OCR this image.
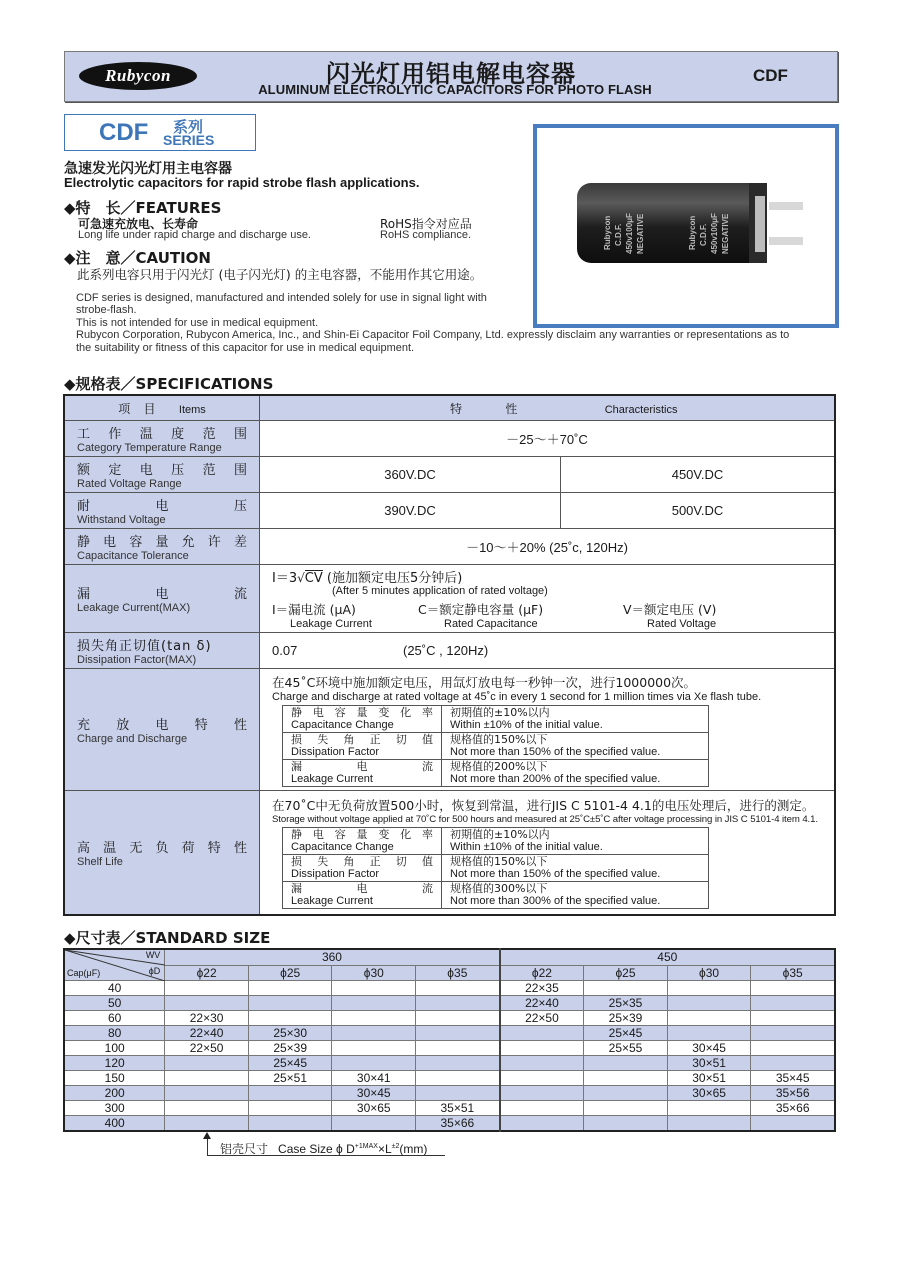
Rubycon	闪光灯用铝电解电容器
ALUMINUM ELECTROLYTIC CAPACITORS FOR PHOTO FLASH
CDF
CDF 系列
SERIES
Rubycon C.D.F. 450v100μF NEGATIVE	Rubycon C.D.F. 450v100μF NEGATIVE
急速发光闪光灯用主电容器
Electrolytic capacitors for rapid strobe flash applications.
◆特　长／FEATURES
可急速充放电、长寿命
Long life under rapid charge and discharge use.
RoHS指令对应品
RoHS compliance.
◆注　意／CAUTION
此系列电容只用于闪光灯 (电子闪光灯) 的主电容器，不能用作其它用途。
CDF series is designed, manufactured and intended solely for use in signal light with
strobe-flash.
This is not intended for use in medical equipment.
Rubycon Corporation, Rubycon America, Inc., and Shin-Ei Capacitor Foil Company, Ltd. expressly disclaim any warranties or representations as to
the suitability or fitness of this capacitor for use in medical equipment.
◆规格表／SPECIFICATIONS
项 目 Items	特	性	Characteristics

工 作 温 度 范 围
Category Temperature Range
	－25～＋70˚C

额 定 电 压 范 围
Rated Voltage Range
	360V.DC	450V.DC

耐	电	压
Withstand Voltage
	390V.DC	500V.DC

静 电 容 量 允 许 差
Capacitance Tolerance
	－10～＋20% (25˚c, 120Hz)

漏	电	流
Leakage Current(MAX)

I＝3√CV (施加额定电压5分钟后)
(After 5 minutes application of rated voltage)
I＝漏电流 (μA)
Leakage Current
C＝额定静电容量 (μF)
Rated Capacitance
V＝额定电压 (V)
Rated Voltage

损失角正切值(tan δ)
Dissipation Factor(MAX)
	0.07	(25˚C , 120Hz)

充 放 电 特 性
Charge and Discharge

在45˚C环境中施加额定电压，用氙灯放电每一秒钟一次，进行1000000次。
Charge and discharge at rated voltage at 45˚c in every 1 second for 1 million times via Xe flash tube.
静 电 容 量 变 化 率
Capacitance Change

初期值的±10%以内
Within ±10% of the initial value.

损 失 角 正 切 值
Dissipation Factor

规格值的150%以下
Not more than 150% of the specified value.

漏	电	流
Leakage Current

规格值的200%以下
Not more than 200% of the specified value.

高 温 无 负 荷 特 性
Shelf Life

在70˚C中无负荷放置500小时，恢复到常温，进行JIS C 5101-4 4.1的电压处理后，进行的测定。
Storage without voltage applied at 70˚C for 500 hours and measured at 25˚C±5˚C after voltage processing in JIS C 5101-4 item 4.1.
静 电 容 量 变 化 率
Capacitance Change

初期值的±10%以内
Within ±10% of the initial value.

损 失 角 正 切 值
Dissipation Factor

规格值的150%以下
Not more than 150% of the specified value.

漏	电	流
Leakage Current

规格值的300%以下
Not more than 300% of the specified value.
◆尺寸表／STANDARD SIZE
WV
ϕD
Cap(μF)	360				450			
	ϕ22	ϕ25	ϕ30	ϕ35	ϕ22	ϕ25	ϕ30	ϕ35
40					22×35			
50					22×40	25×35		
60	22×30				22×50	25×39		
80	22×40	25×30				25×45		
100	22×50	25×39				25×55	30×45	
120		25×45					30×51	
150		25×51	30×41				30×51	35×45
200			30×45				30×65	35×56
300			30×65	35×51				35×66
400				35×66				
铝壳尺寸 Case Size ϕ $D^{+1MAX}\times L^{\pm 2}(mm)$
